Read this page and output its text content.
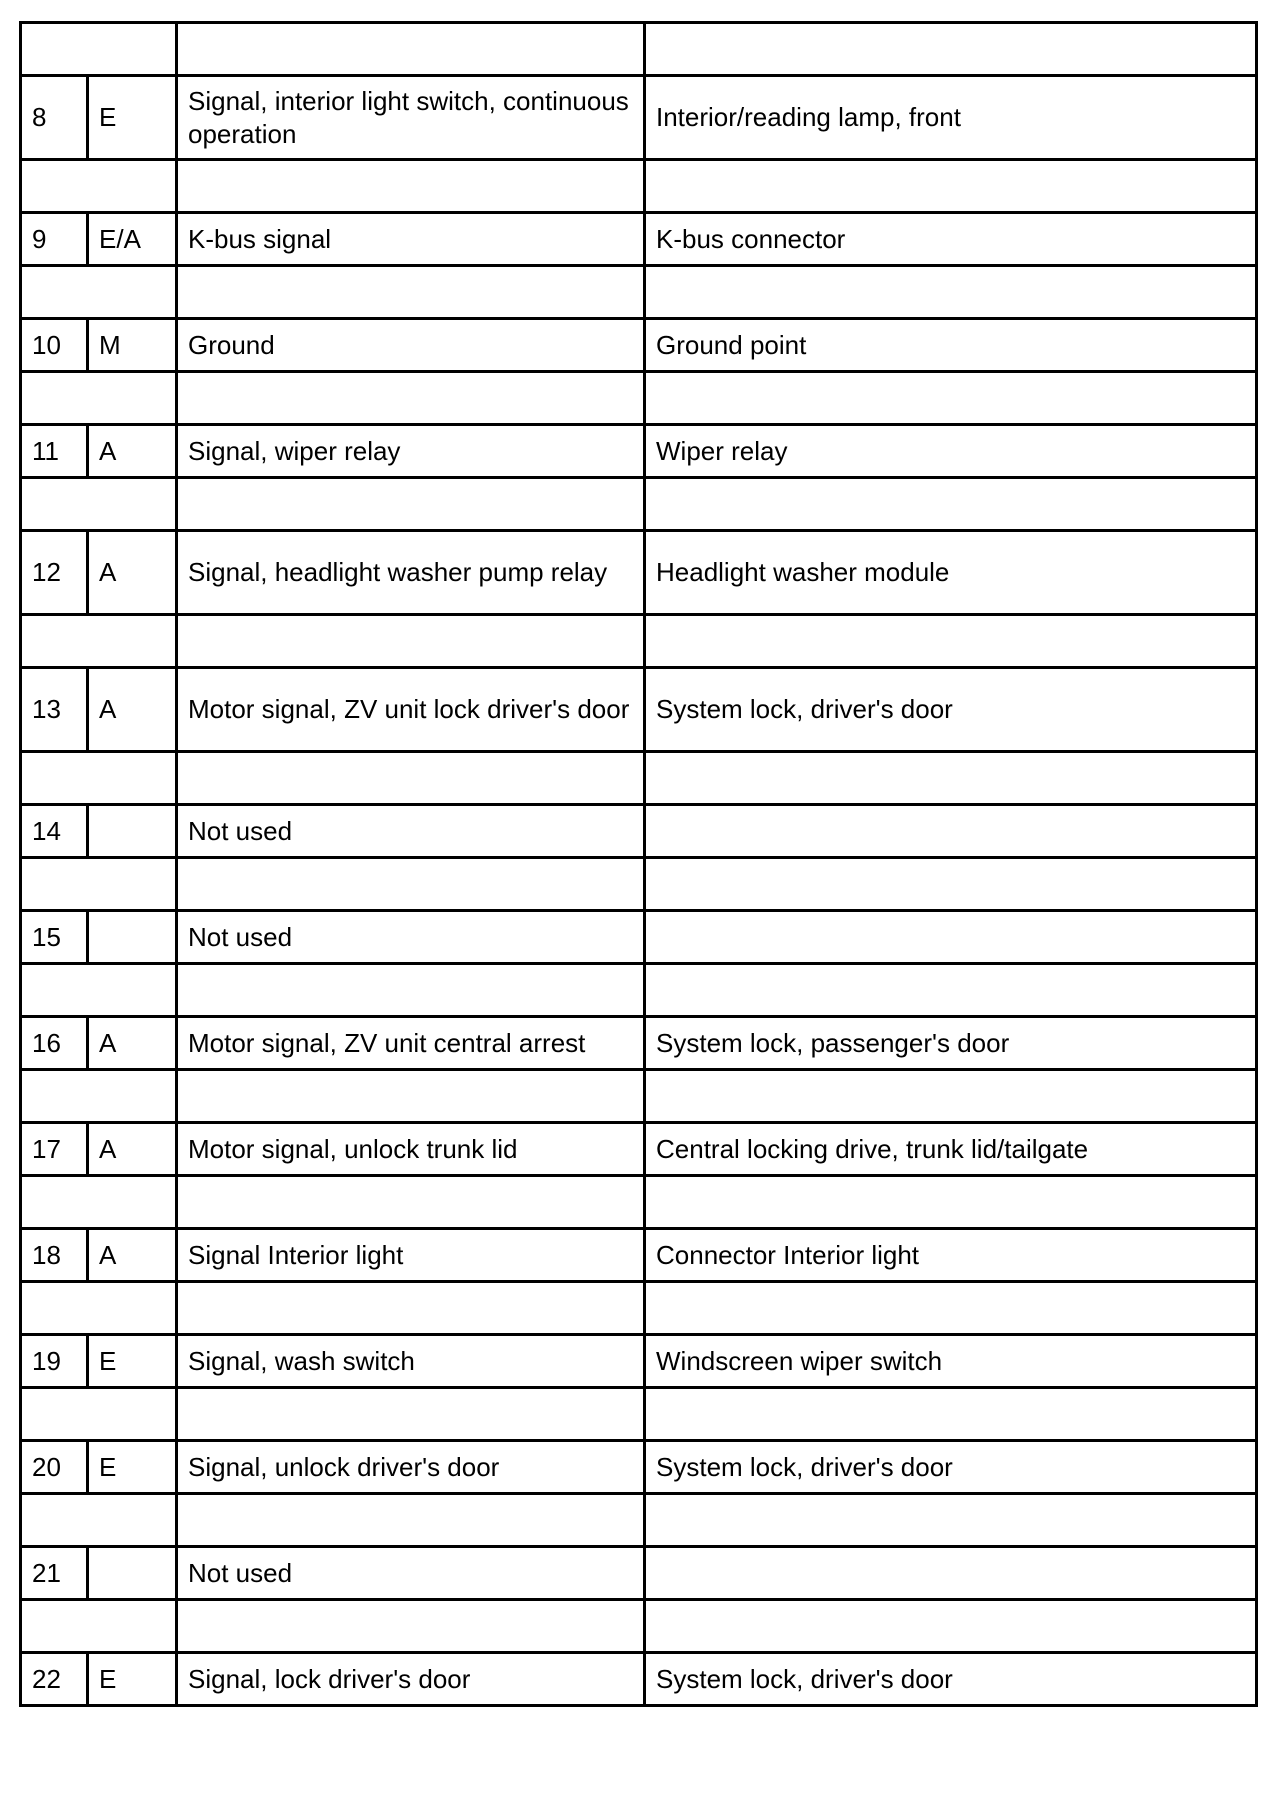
8	E	Signal, interior light switch, continuous operation	Interior/reading lamp, front

9	E/A	K-bus signal	K-bus connector

10	M	Ground	Ground point

11	A	Signal, wiper relay	Wiper relay

12	A	Signal, headlight washer pump relay	Headlight washer module

13	A	Motor signal, ZV unit lock driver's door	System lock, driver's door

14		Not used	

15		Not used	

16	A	Motor signal, ZV unit central arrest	System lock, passenger's door

17	A	Motor signal, unlock trunk lid	Central locking drive, trunk lid/tailgate

18	A	Signal Interior light	Connector Interior light

19	E	Signal, wash switch	Windscreen wiper switch

20	E	Signal, unlock driver's door	System lock, driver's door

21		Not used	

22	E	Signal, lock driver's door	System lock, driver's door
